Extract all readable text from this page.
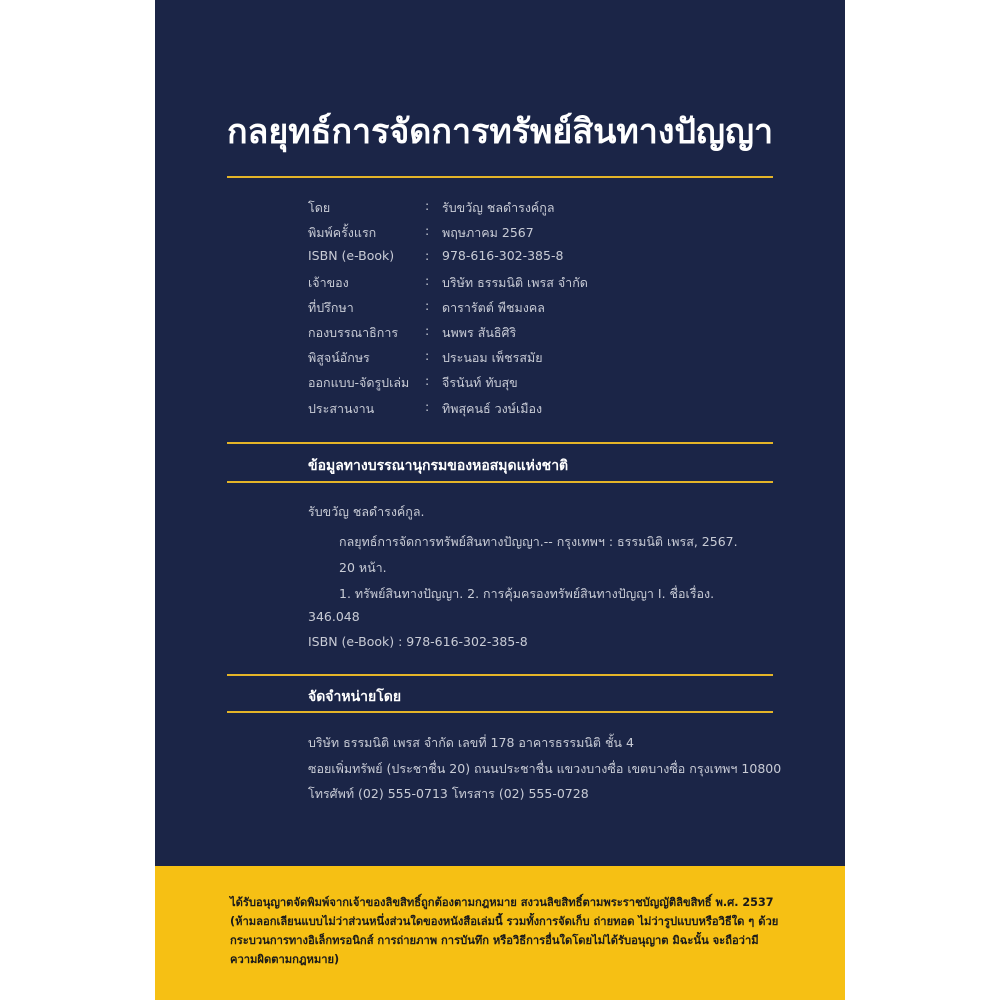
กลยุทธ์การจัดการทรัพย์สินทางปัญญา
โดย	: รับขวัญ ชลดำรงค์กูล
พิมพ์ครั้งแรก	: พฤษภาคม 2567
ISBN (e-Book) : 978-616-302-385-8
เจ้าของ	: บริษัท ธรรมนิติ เพรส จำกัด
ที่ปรึกษา	: ดารารัตต์ พืชมงคล
กองบรรณาธิการ : นพพร สันธิศิริ
พิสูจน์อักษร	: ประนอม เพ็ชรสมัย
ออกแบบ-จัดรูปเล่ม : จีรนันท์ ทับสุข
ประสานงาน	: ทิพสุคนธ์ วงษ์เมือง
ข้อมูลทางบรรณานุกรมของหอสมุดแห่งชาติ
รับขวัญ ชลดำรงค์กูล.
กลยุทธ์การจัดการทรัพย์สินทางปัญญา.-- กรุงเทพฯ : ธรรมนิติ เพรส, 2567.
20 หน้า.
1. ทรัพย์สินทางปัญญา. 2. การคุ้มครองทรัพย์สินทางปัญญา I. ชื่อเรื่อง.
346.048
ISBN (e-Book) : 978-616-302-385-8
จัดจำหน่ายโดย
บริษัท ธรรมนิติ เพรส จำกัด เลขที่ 178 อาคารธรรมนิติ ชั้น 4
ซอยเพิ่มทรัพย์ (ประชาชื่น 20) ถนนประชาชื่น แขวงบางซื่อ เขตบางซื่อ กรุงเทพฯ 10800
โทรศัพท์ (02) 555-0713 โทรสาร (02) 555-0728

ได้รับอนุญาตจัดพิมพ์จากเจ้าของลิขสิทธิ์ถูกต้องตามกฎหมาย สงวนลิขสิทธิ์ตามพระราชบัญญัติลิขสิทธิ์ พ.ศ. 2537 (ห้ามลอกเลียนแบบไม่ว่าส่วนหนึ่งส่วนใดของหนังสือเล่มนี้ รวมทั้งการจัดเก็บ ถ่ายทอด ไม่ว่ารูปแบบหรือวิธีใด ๆ ด้วยกระบวนการทางอิเล็กทรอนิกส์ การถ่ายภาพ การบันทึก หรือวิธีการอื่นใดโดยไม่ได้รับอนุญาต มิฉะนั้น จะถือว่ามีความผิดตามกฎหมาย)
